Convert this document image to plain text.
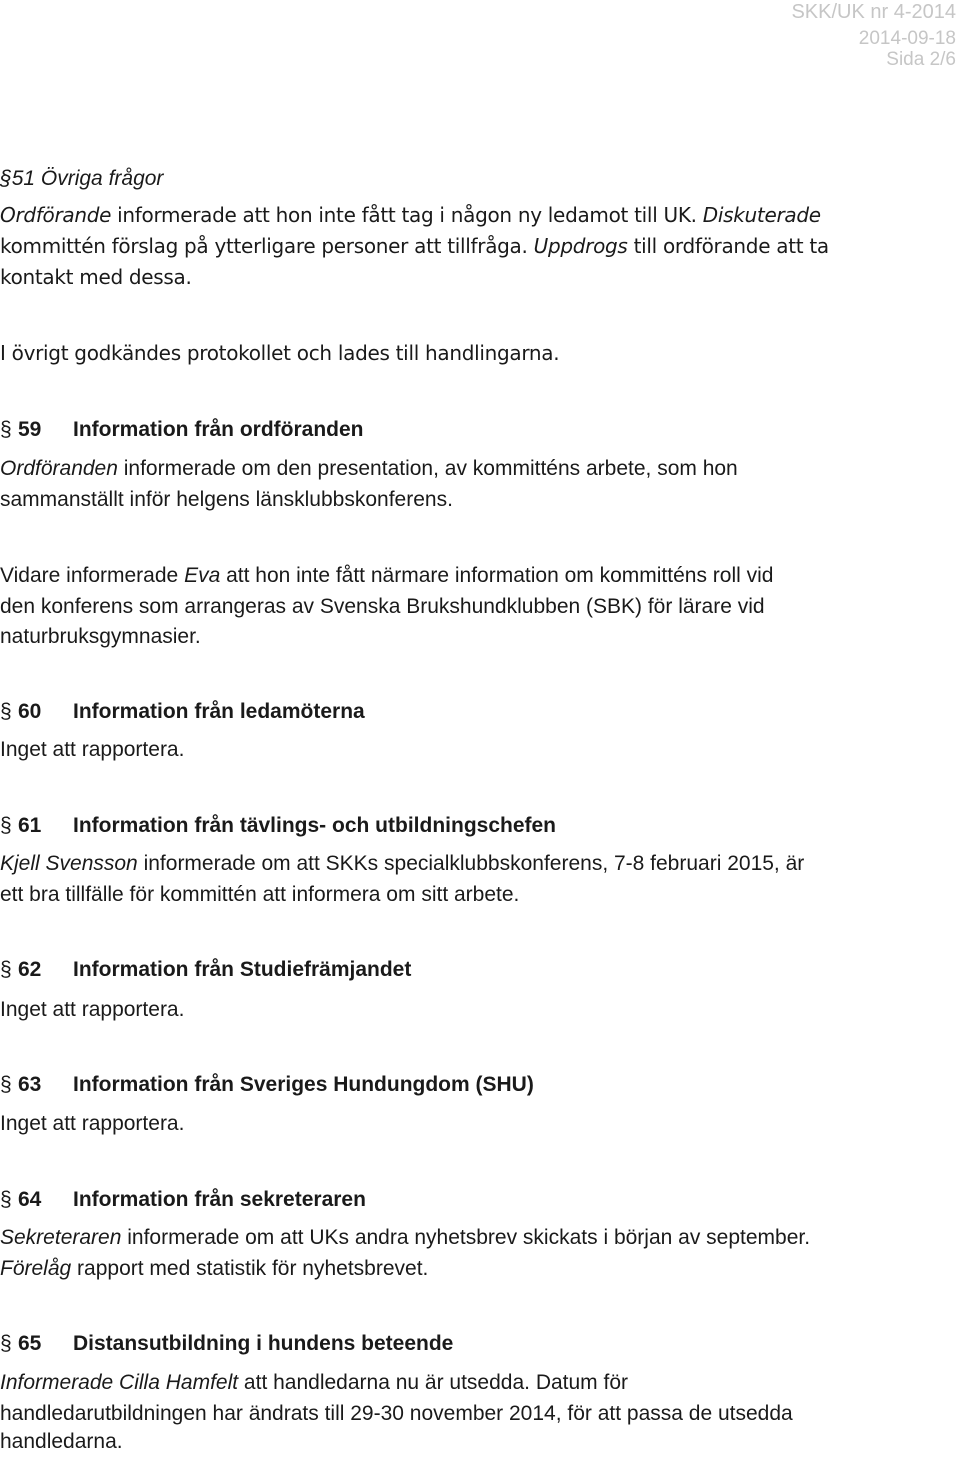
SKK/UK nr 4-2014
2014-09-18
Sida 2/6
§51 Övriga frågor

Ordförande informerade att hon inte fått tag i någon ny ledamot till UK. Diskuterade

kommittén förslag på ytterligare personer att tillfråga. Uppdrogs till ordförande att ta

kontakt med dessa.

I övrigt godkändes protokollet och lades till handlingarna.

§ 59 Information från ordföranden

Ordföranden informerade om den presentation, av kommitténs arbete, som hon

sammanställt inför helgens länsklubbskonferens.

Vidare informerade Eva att hon inte fått närmare information om kommitténs roll vid

den konferens som arrangeras av Svenska Brukshundklubben (SBK) för lärare vid

naturbruksgymnasier.

§ 60 Information från ledamöterna

Inget att rapportera.

§ 61 Information från tävlings- och utbildningschefen

Kjell Svensson informerade om att SKKs specialklubbskonferens, 7-8 februari 2015, är

ett bra tillfälle för kommittén att informera om sitt arbete.

§ 62 Information från Studiefrämjandet

Inget att rapportera.

§ 63 Information från Sveriges Hundungdom (SHU)

Inget att rapportera.

§ 64 Information från sekreteraren

Sekreteraren informerade om att UKs andra nyhetsbrev skickats i början av september.

Förelåg rapport med statistik för nyhetsbrevet.

§ 65 Distansutbildning i hundens beteende

Informerade Cilla Hamfelt att handledarna nu är utsedda. Datum för

handledarutbildningen har ändrats till 29-30 november 2014, för att passa de utsedda

handledarna.
